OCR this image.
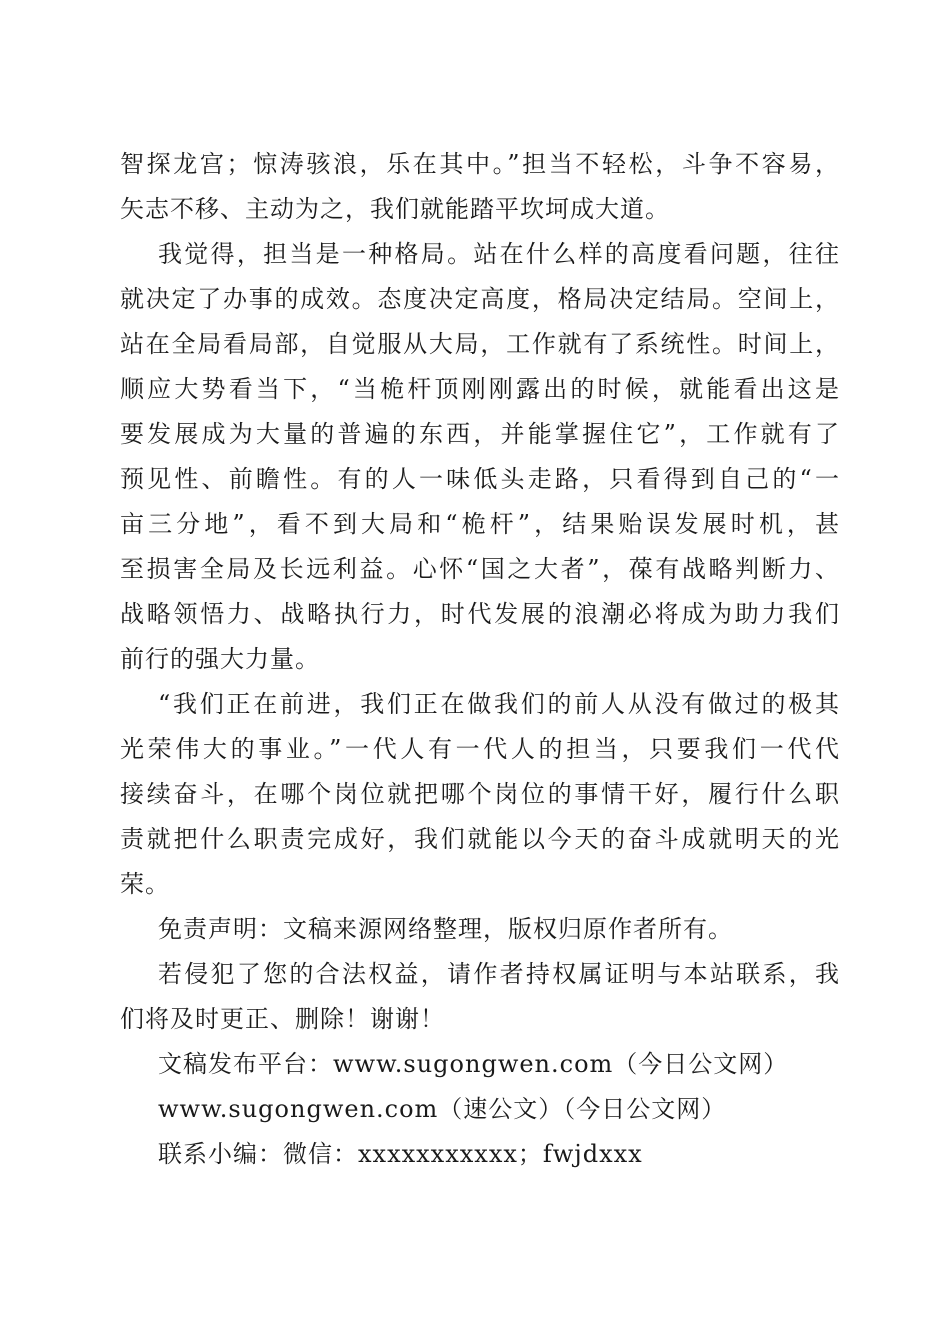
智探龙宫；惊涛骇浪，乐在其中。”担当不轻松，斗争不容易，
矢志不移、主动为之，我们就能踏平坎坷成大道。
我觉得，担当是一种格局。站在什么样的高度看问题，往往
就决定了办事的成效。态度决定高度，格局决定结局。空间上，
站在全局看局部，自觉服从大局，工作就有了系统性。时间上，
顺应大势看当下，“当桅杆顶刚刚露出的时候，就能看出这是
要发展成为大量的普遍的东西，并能掌握住它”，工作就有了
预见性、前瞻性。有的人一味低头走路，只看得到自己的“一
亩三分地”，看不到大局和“桅杆”，结果贻误发展时机，甚
至损害全局及长远利益。心怀“国之大者”，葆有战略判断力、
战略领悟力、战略执行力，时代发展的浪潮必将成为助力我们
前行的强大力量。
“我们正在前进，我们正在做我们的前人从没有做过的极其
光荣伟大的事业。”一代人有一代人的担当，只要我们一代代
接续奋斗，在哪个岗位就把哪个岗位的事情干好，履行什么职
责就把什么职责完成好，我们就能以今天的奋斗成就明天的光
荣。
免责声明：文稿来源网络整理，版权归原作者所有。
若侵犯了您的合法权益，请作者持权属证明与本站联系，我
们将及时更正、删除！谢谢！
文稿发布平台：www.sugongwen.com（今日公文网）
www.sugongwen.com（速公文）（今日公文网）
联系小编：微信：xxxxxxxxxxx；fwjdxxx
